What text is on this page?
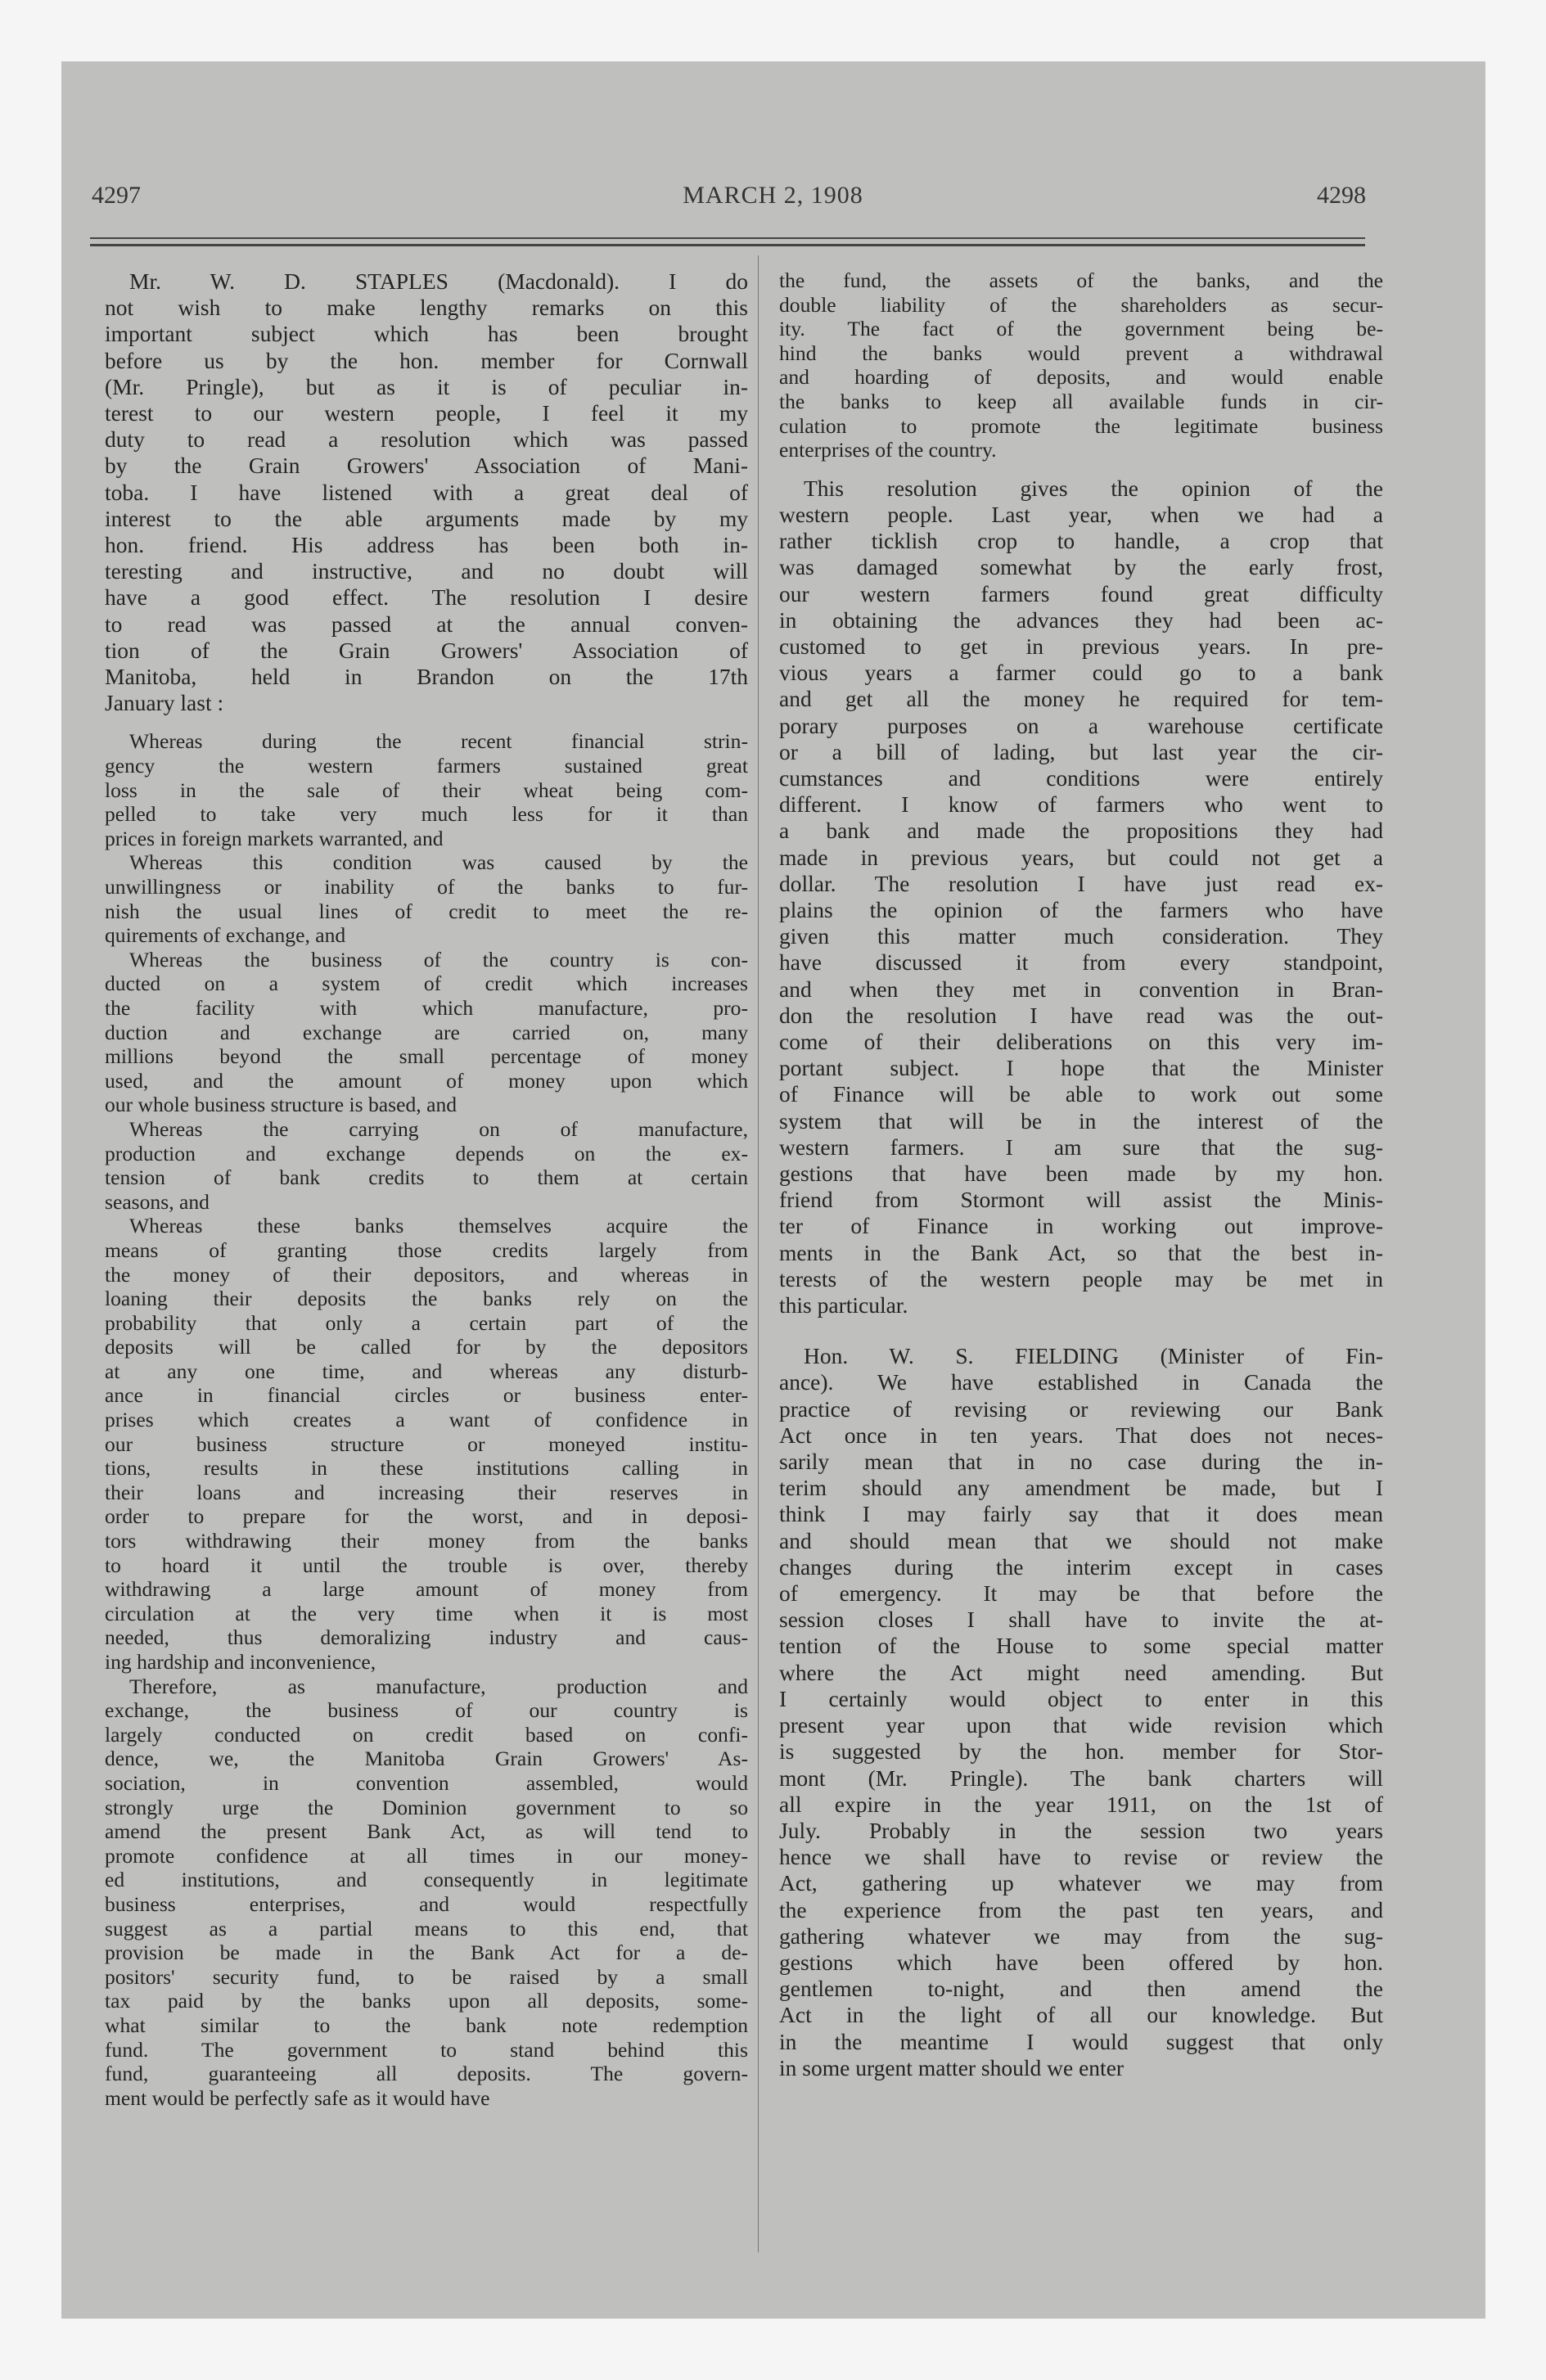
4297	MARCH 2, 1908	4298
Mr. W. D. STAPLES (Macdonald). I do
not wish to make lengthy remarks on this
important subject which has been brought
before us by the hon. member for Cornwall
(Mr. Pringle), but as it is of peculiar in-
terest to our western people, I feel it my
duty to read a resolution which was passed
by the Grain Growers' Association of Mani-
toba. I have listened with a great deal of
interest to the able arguments made by my
hon. friend. His address has been both in-
teresting and instructive, and no doubt will
have a good effect. The resolution I desire
to read was passed at the annual conven-
tion of the Grain Growers' Association of
Manitoba, held in Brandon on the 17th
January last :
Whereas during the recent financial strin-
gency the western farmers sustained great
loss in the sale of their wheat being com-
pelled to take very much less for it than
prices in foreign markets warranted, and
Whereas this condition was caused by the
unwillingness or inability of the banks to fur-
nish the usual lines of credit to meet the re-
quirements of exchange, and
Whereas the business of the country is con-
ducted on a system of credit which increases
the facility with which manufacture, pro-
duction and exchange are carried on, many
millions beyond the small percentage of money
used, and the amount of money upon which
our whole business structure is based, and
Whereas the carrying on of manufacture,
production and exchange depends on the ex-
tension of bank credits to them at certain
seasons, and
Whereas these banks themselves acquire the
means of granting those credits largely from
the money of their depositors, and whereas in
loaning their deposits the banks rely on the
probability that only a certain part of the
deposits will be called for by the depositors
at any one time, and whereas any disturb-
ance in financial circles or business enter-
prises which creates a want of confidence in
our business structure or moneyed institu-
tions, results in these institutions calling in
their loans and increasing their reserves in
order to prepare for the worst, and in deposi-
tors withdrawing their money from the banks
to hoard it until the trouble is over, thereby
withdrawing a large amount of money from
circulation at the very time when it is most
needed, thus demoralizing industry and caus-
ing hardship and inconvenience,
Therefore, as manufacture, production and
exchange, the business of our country is
largely conducted on credit based on confi-
dence, we, the Manitoba Grain Growers' As-
sociation, in convention assembled, would
strongly urge the Dominion government to so
amend the present Bank Act, as will tend to
promote confidence at all times in our money-
ed institutions, and consequently in legitimate
business enterprises, and would respectfully
suggest as a partial means to this end, that
provision be made in the Bank Act for a de-
positors' security fund, to be raised by a small
tax paid by the banks upon all deposits, some-
what similar to the bank note redemption
fund. The government to stand behind this
fund, guaranteeing all deposits. The govern-
ment would be perfectly safe as it would have
the fund, the assets of the banks, and the
double liability of the shareholders as secur-
ity. The fact of the government being be-
hind the banks would prevent a withdrawal
and hoarding of deposits, and would enable
the banks to keep all available funds in cir-
culation to promote the legitimate business
enterprises of the country.
This resolution gives the opinion of the
western people. Last year, when we had a
rather ticklish crop to handle, a crop that
was damaged somewhat by the early frost,
our western farmers found great difficulty
in obtaining the advances they had been ac-
customed to get in previous years. In pre-
vious years a farmer could go to a bank
and get all the money he required for tem-
porary purposes on a warehouse certificate
or a bill of lading, but last year the cir-
cumstances and conditions were entirely
different. I know of farmers who went to
a bank and made the propositions they had
made in previous years, but could not get a
dollar. The resolution I have just read ex-
plains the opinion of the farmers who have
given this matter much consideration. They
have discussed it from every standpoint,
and when they met in convention in Bran-
don the resolution I have read was the out-
come of their deliberations on this very im-
portant subject. I hope that the Minister
of Finance will be able to work out some
system that will be in the interest of the
western farmers. I am sure that the sug-
gestions that have been made by my hon.
friend from Stormont will assist the Minis-
ter of Finance in working out improve-
ments in the Bank Act, so that the best in-
terests of the western people may be met in
this particular.
Hon. W. S. FIELDING (Minister of Fin-
ance). We have established in Canada the
practice of revising or reviewing our Bank
Act once in ten years. That does not neces-
sarily mean that in no case during the in-
terim should any amendment be made, but I
think I may fairly say that it does mean
and should mean that we should not make
changes during the interim except in cases
of emergency. It may be that before the
session closes I shall have to invite the at-
tention of the House to some special matter
where the Act might need amending. But
I certainly would object to enter in this
present year upon that wide revision which
is suggested by the hon. member for Stor-
mont (Mr. Pringle). The bank charters will
all expire in the year 1911, on the 1st of
July. Probably in the session two years
hence we shall have to revise or review the
Act, gathering up whatever we may from
the experience from the past ten years, and
gathering whatever we may from the sug-
gestions which have been offered by hon.
gentlemen to-night, and then amend the
Act in the light of all our knowledge. But
in the meantime I would suggest that only
in some urgent matter should we enter
